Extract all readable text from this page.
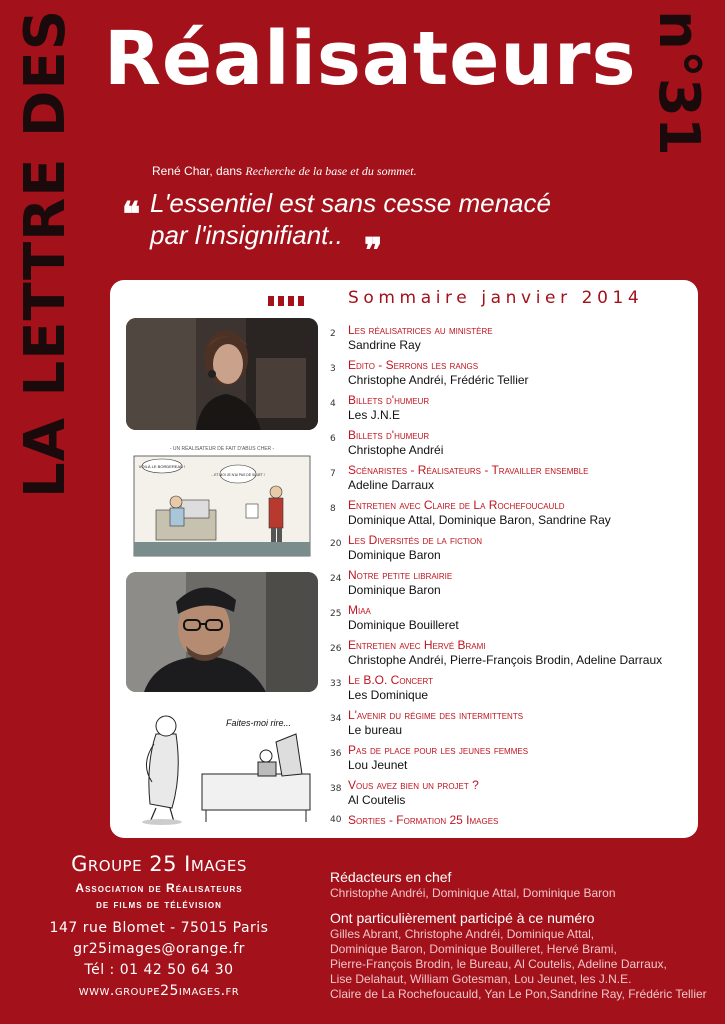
LA LETTRE DES Réalisateurs n°31
René Char, dans Recherche de la base et du sommet.
❝ L'essentiel est sans cesse menacé par l'insignifiant.. ❞
Sommaire janvier 2014
- UN RÉALISATEUR DE FAIT D'ABUS CHER -
VOILÀ LE BORDEREAU !
...ET MOI JE N'AI PAS DE SUJET !
Faites-moi rire...
2 Les réalisatrices au ministère
Sandrine Ray
3 Edito - Serrons les rangs
Christophe Andréi, Frédéric Tellier
4 Billets d'humeur
Les J.N.E
6 Billets d'humeur
Christophe Andréi
7 Scénaristes - Réalisateurs - Travailler ensemble
Adeline Darraux
8 Entretien avec Claire de La Rochefoucauld
Dominique Attal, Dominique Baron, Sandrine Ray
20 Les Diversités de la fiction
Dominique Baron
24 Notre petite librairie
Dominique Baron
25 Miaa
Dominique Bouilleret
26 Entretien avec Hervé Brami
Christophe Andréi, Pierre-François Brodin, Adeline Darraux
33 Le B.O. Concert
Les Dominique
34 L'avenir du régime des intermittents
Le bureau
36 Pas de place pour les jeunes femmes
Lou Jeunet
38 Vous avez bien un projet ?
Al Coutelis
40 Sorties - Formation 25 Images
Groupe 25 Images
Association de Réalisateurs
de films de télévision
147 rue Blomet - 75015 Paris
gr25images@orange.fr
Tél : 01 42 50 64 30
www.groupe25images.fr
Rédacteurs en chef
Christophe Andréi, Dominique Attal, Dominique Baron
Ont particulièrement participé à ce numéro
Gilles Abrant, Christophe Andréi, Dominique Attal,
Dominique Baron, Dominique Bouilleret, Hervé Brami,
Pierre-François Brodin, le Bureau, Al Coutelis, Adeline Darraux,
Lise Delahaut, William Gotesman, Lou Jeunet, les J.N.E.
Claire de La Rochefoucauld, Yan Le Pon,Sandrine Ray, Frédéric Tellier
